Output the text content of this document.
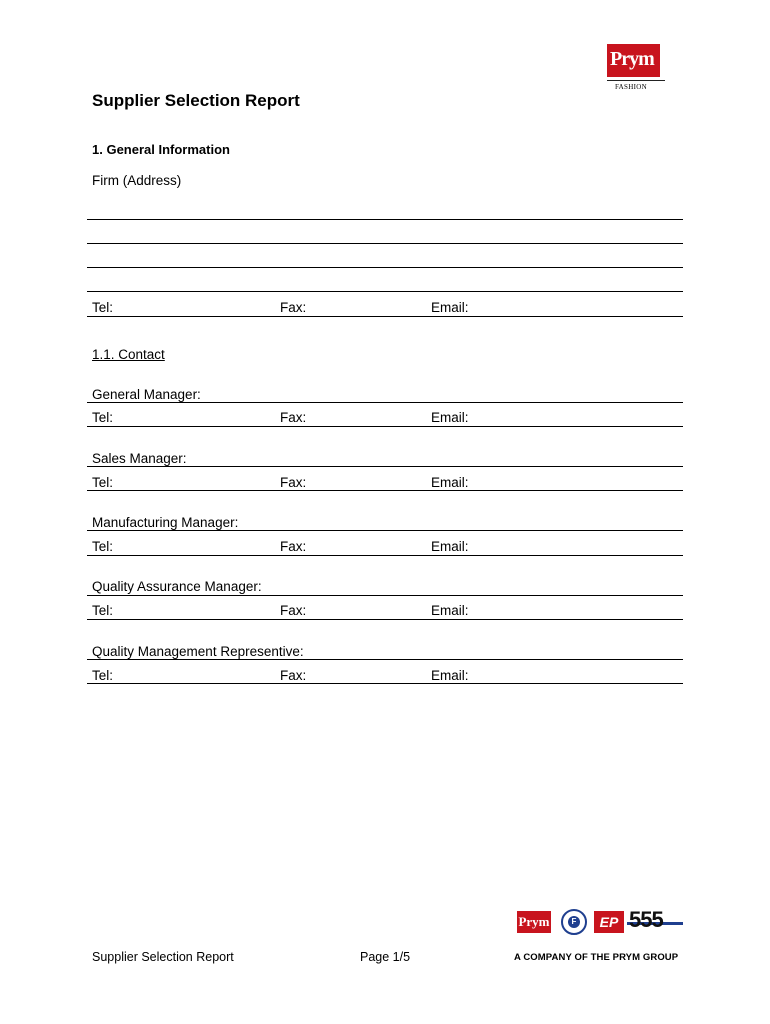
Prym
FASHION
Supplier Selection Report
1. General Information
Firm (Address)
Tel:	Fax:	Email:
1.1. Contact
General Manager:
Tel:	Fax:	Email:
Sales Manager:
Tel:	Fax:	Email:
Manufacturing Manager:
Tel:	Fax:	Email:
Quality Assurance Manager:
Tel:	Fax:	Email:
Quality Management Representive:
Tel:	Fax:	Email:
Prym	F	EP 555
Supplier Selection Report	Page 1/5	A COMPANY OF THE PRYM GROUP
